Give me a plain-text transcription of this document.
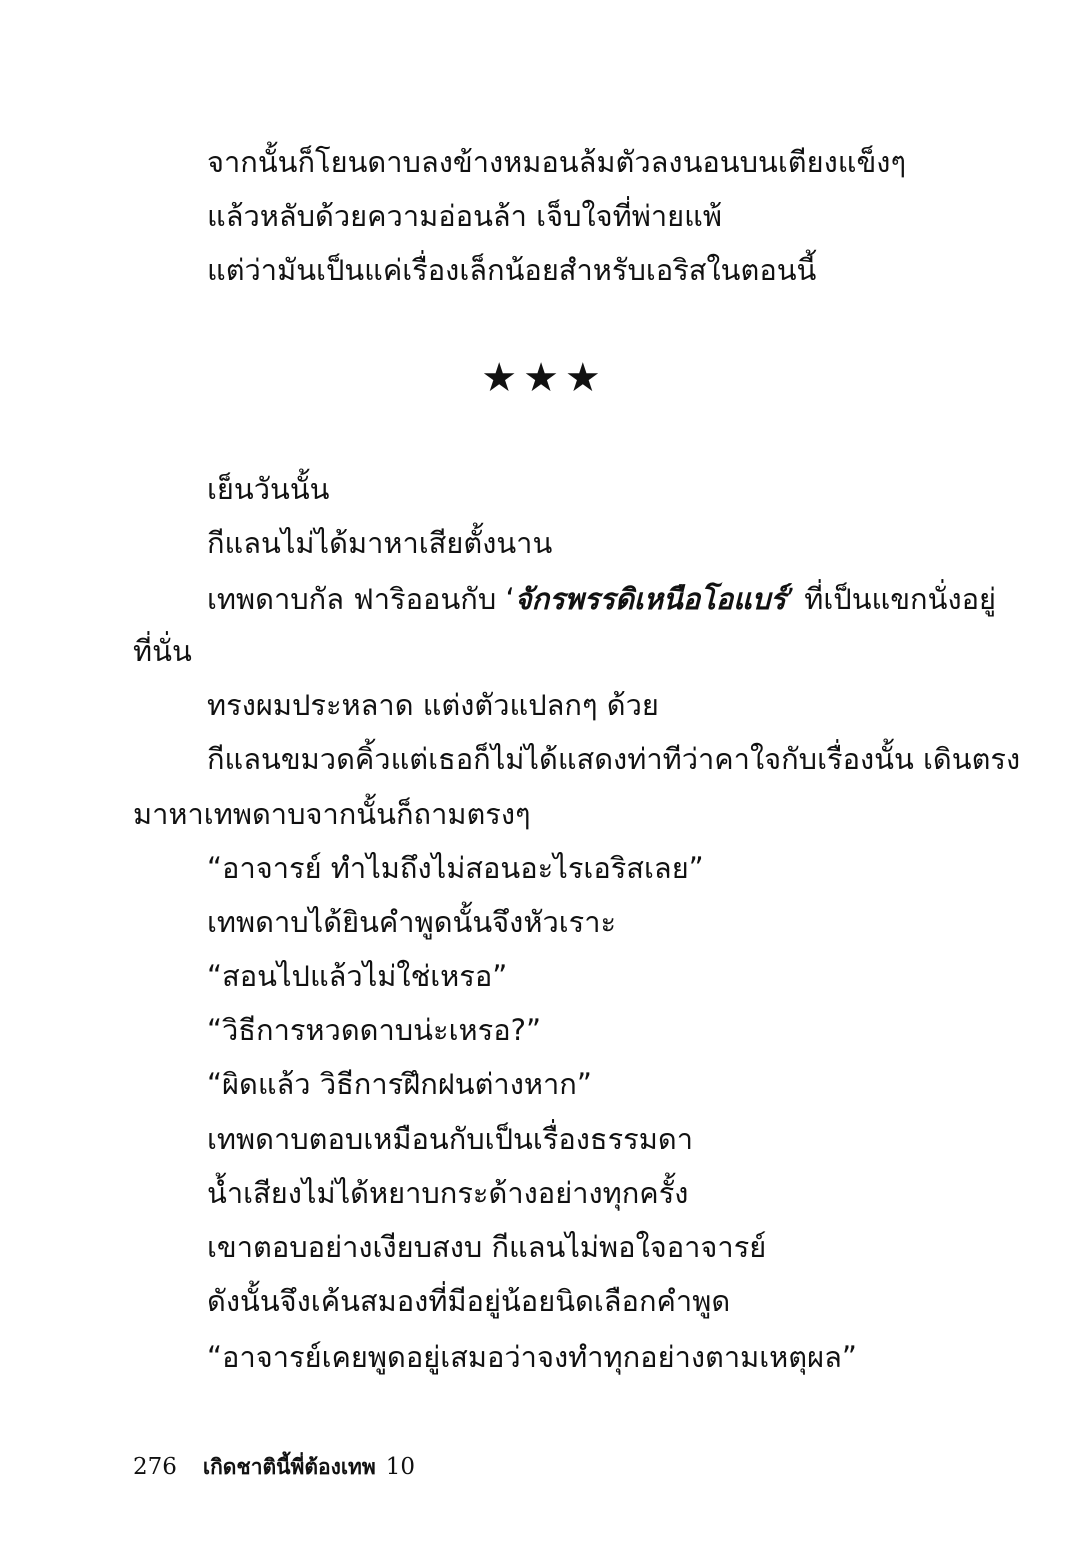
จากนั้นก็โยนดาบลงข้างหมอนล้มตัวลงนอนบนเตียงแข็งๆ
แล้วหลับด้วยความอ่อนล้า เจ็บใจที่พ่ายแพ้
แต่ว่ามันเป็นแค่เรื่องเล็กน้อยสำหรับเอริสในตอนนี้
★★★
เย็นวันนั้น
กีแลนไม่ได้มาหาเสียตั้งนาน
เทพดาบกัล ฟาริออนกับ ‘จักรพรรดิเหนือโอแบร์’ ที่เป็นแขกนั่งอยู่
ที่นั่น
ทรงผมประหลาด แต่งตัวแปลกๆ ด้วย
กีแลนขมวดคิ้วแต่เธอก็ไม่ได้แสดงท่าทีว่าคาใจกับเรื่องนั้น เดินตรง
มาหาเทพดาบจากนั้นก็ถามตรงๆ
“อาจารย์ ทำไมถึงไม่สอนอะไรเอริสเลย”
เทพดาบได้ยินคำพูดนั้นจึงหัวเราะ
“สอนไปแล้วไม่ใช่เหรอ”
“วิธีการหวดดาบน่ะเหรอ?”
“ผิดแล้ว วิธีการฝึกฝนต่างหาก”
เทพดาบตอบเหมือนกับเป็นเรื่องธรรมดา
น้ำเสียงไม่ได้หยาบกระด้างอย่างทุกครั้ง
เขาตอบอย่างเงียบสงบ กีแลนไม่พอใจอาจารย์
ดังนั้นจึงเค้นสมองที่มีอยู่น้อยนิดเลือกคำพูด
“อาจารย์เคยพูดอยู่เสมอว่าจงทำทุกอย่างตามเหตุผล”
276 เกิดชาตินี้พี่ต้องเทพ 10
